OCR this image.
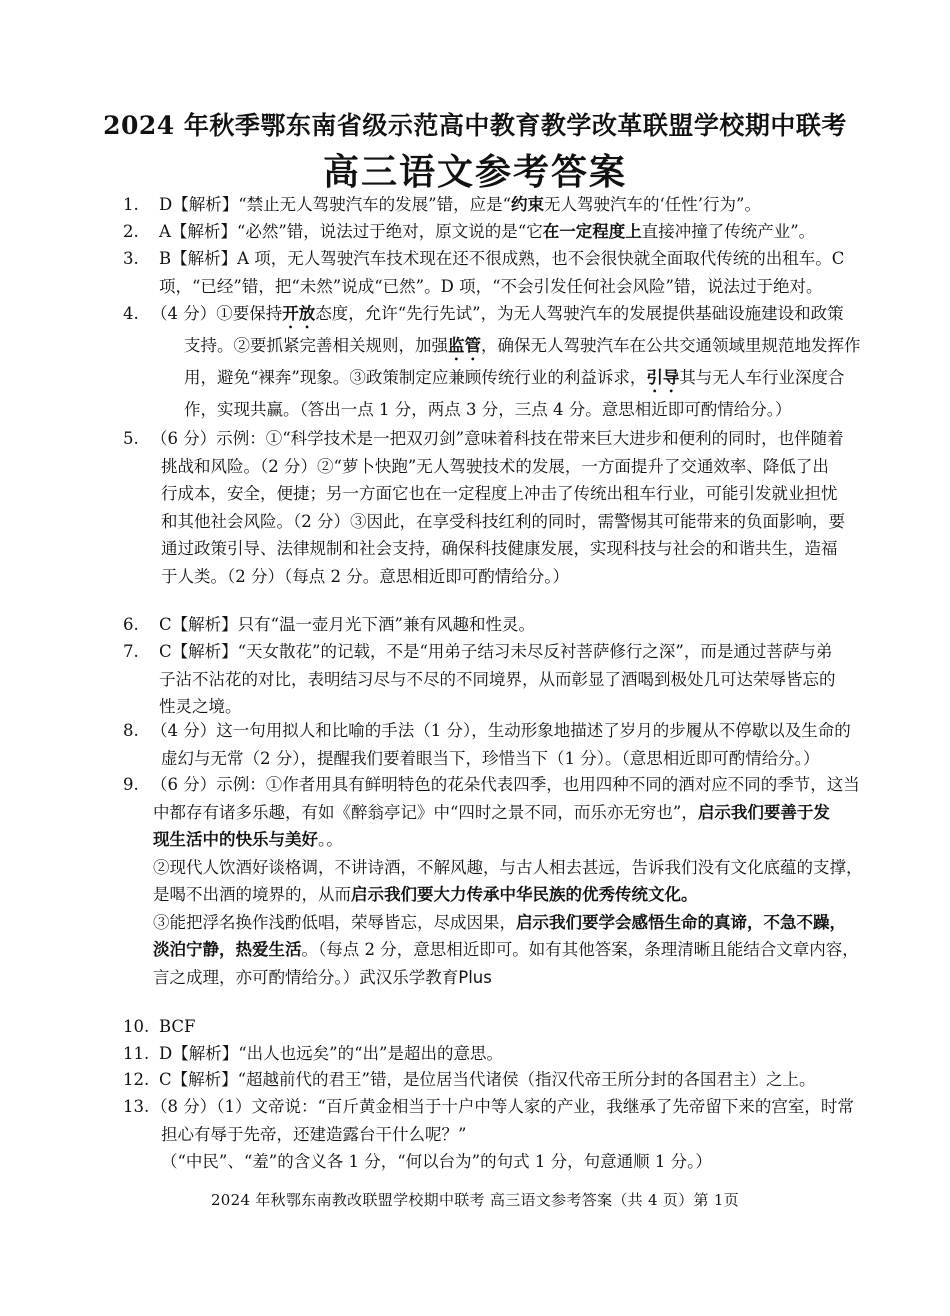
2024 年秋季鄂东南省级示范高中教育教学改革联盟学校期中联考
高三语文参考答案
1. D【解析】“禁止无人驾驶汽车的发展”错，应是“约束无人驾驶汽车的‘任性’行为”。
2. A【解析】“必然”错，说法过于绝对，原文说的是“它在一定程度上直接冲撞了传统产业”。
3. B【解析】A 项，无人驾驶汽车技术现在还不很成熟，也不会很快就全面取代传统的出租车。C
项，“已经”错，把“未然”说成“已然”。D 项，“不会引发任何社会风险”错，说法过于绝对。
4. （4 分）①要保持开放态度，允许“先行先试”，为无人驾驶汽车的发展提供基础设施建设和政策
支持。②要抓紧完善相关规则，加强监管，确保无人驾驶汽车在公共交通领域里规范地发挥作
用，避免“裸奔”现象。③政策制定应兼顾传统行业的利益诉求，引导其与无人车行业深度合
作，实现共赢。（答出一点 1 分，两点 3 分，三点 4 分。意思相近即可酌情给分。）
5. （6 分）示例：①“科学技术是一把双刃剑”意味着科技在带来巨大进步和便利的同时，也伴随着
挑战和风险。（2 分）②“萝卜快跑”无人驾驶技术的发展，一方面提升了交通效率、降低了出
行成本，安全，便捷；另一方面它也在一定程度上冲击了传统出租车行业，可能引发就业担忧
和其他社会风险。（2 分）③因此，在享受科技红利的同时，需警惕其可能带来的负面影响，要
通过政策引导、法律规制和社会支持，确保科技健康发展，实现科技与社会的和谐共生，造福
于人类。（2 分）（每点 2 分。意思相近即可酌情给分。）
6. C【解析】只有“温一壶月光下酒”兼有风趣和性灵。
7. C【解析】“天女散花”的记载，不是“用弟子结习未尽反衬菩萨修行之深”，而是通过菩萨与弟
子沾不沾花的对比，表明结习尽与不尽的不同境界，从而彰显了酒喝到极处几可达荣辱皆忘的
性灵之境。
8. （4 分）这一句用拟人和比喻的手法（1 分），生动形象地描述了岁月的步履从不停歇以及生命的
虚幻与无常（2 分），提醒我们要着眼当下，珍惜当下（1 分）。（意思相近即可酌情给分。）
9. （6 分）示例：①作者用具有鲜明特色的花朵代表四季，也用四种不同的酒对应不同的季节，这当
中都存有诸多乐趣，有如《醉翁亭记》中“四时之景不同，而乐亦无穷也”，启示我们要善于发
现生活中的快乐与美好。。
②现代人饮酒好谈格调，不讲诗酒，不解风趣，与古人相去甚远，告诉我们没有文化底蕴的支撑，
是喝不出酒的境界的，从而启示我们要大力传承中华民族的优秀传统文化。
③能把浮名换作浅酌低唱，荣辱皆忘，尽成因果，启示我们要学会感悟生命的真谛，不急不躁，
淡泊宁静，热爱生活。（每点 2 分，意思相近即可。如有其他答案，条理清晰且能结合文章内容，
言之成理，亦可酌情给分。）武汉乐学教育Plus
10. BCF
11. D【解析】“出人也远矣”的“出”是超出的意思。
12. C【解析】“超越前代的君王”错，是位居当代诸侯（指汉代帝王所分封的各国君主）之上。
13. （8 分）（1）文帝说：“百斤黄金相当于十户中等人家的产业，我继承了先帝留下来的宫室，时常
担心有辱于先帝，还建造露台干什么呢？”
（“中民”、“羞”的含义各 1 分，“何以台为”的句式 1 分，句意通顺 1 分。）
2024 年秋鄂东南教改联盟学校期中联考 高三语文参考答案（共 4 页）第 1页
